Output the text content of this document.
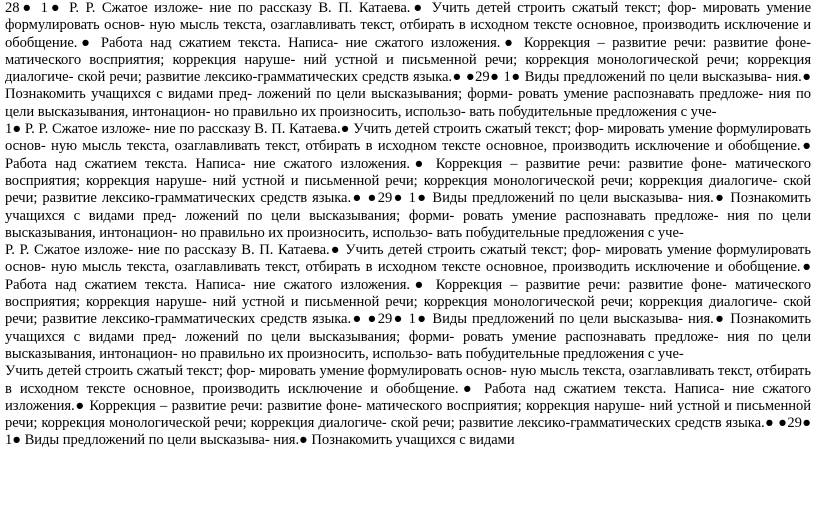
28● 1● Р. Р. Сжатое изложе- ние по рассказу В. П. Катаева.● Учить детей строить сжатый текст; фор- мировать умение формулировать основ- ную мысль текста, озаглавливать текст, отбирать в исходном тексте основное, производить исключение и обобщение.● Работа над сжатием текста. Написа- ние сжатого изложения.● Коррекция – развитие речи: развитие фоне- матического восприятия; коррекция наруше- ний устной и письменной речи; коррекция монологической речи; коррекция диалогиче- ской речи; развитие лексико-грамматических средств языка.● ●29● 1● Виды предложений по цели высказыва- ния.● Познакомить учащихся с видами пред- ложений по цели высказывания; форми- ровать умение распознавать предложе- ния по цели высказывания, интонацион- но правильно их произносить, использо- вать побудительные предложения с уче-

1● Р. Р. Сжатое изложе- ние по рассказу В. П. Катаева.● Учить детей строить сжатый текст; фор- мировать умение формулировать основ- ную мысль текста, озаглавливать текст, отбирать в исходном тексте основное, производить исключение и обобщение.● Работа над сжатием текста. Написа- ние сжатого изложения.● Коррекция – развитие речи: развитие фоне- матического восприятия; коррекция наруше- ний устной и письменной речи; коррекция монологической речи; коррекция диалогиче- ской речи; развитие лексико-грамматических средств языка.● ●29● 1● Виды предложений по цели высказыва- ния.● Познакомить учащихся с видами пред- ложений по цели высказывания; форми- ровать умение распознавать предложе- ния по цели высказывания, интонацион- но правильно их произносить, использо- вать побудительные предложения с уче-

Р. Р. Сжатое изложе- ние по рассказу В. П. Катаева.● Учить детей строить сжатый текст; фор- мировать умение формулировать основ- ную мысль текста, озаглавливать текст, отбирать в исходном тексте основное, производить исключение и обобщение.● Работа над сжатием текста. Написа- ние сжатого изложения.● Коррекция – развитие речи: развитие фоне- матического восприятия; коррекция наруше- ний устной и письменной речи; коррекция монологической речи; коррекция диалогиче- ской речи; развитие лексико-грамматических средств языка.● ●29● 1● Виды предложений по цели высказыва- ния.● Познакомить учащихся с видами пред- ложений по цели высказывания; форми- ровать умение распознавать предложе- ния по цели высказывания, интонацион- но правильно их произносить, использо- вать побудительные предложения с уче-

Учить детей строить сжатый текст; фор- мировать умение формулировать основ- ную мысль текста, озаглавливать текст, отбирать в исходном тексте основное, производить исключение и обобщение.● Работа над сжатием текста. Написа- ние сжатого изложения.● Коррекция – развитие речи: развитие фоне- матического восприятия; коррекция наруше- ний устной и письменной речи; коррекция монологической речи; коррекция диалогиче- ской речи; развитие лексико-грамматических средств языка.● ●29● 1● Виды предложений по цели высказыва- ния.● Познакомить учащихся с видами
